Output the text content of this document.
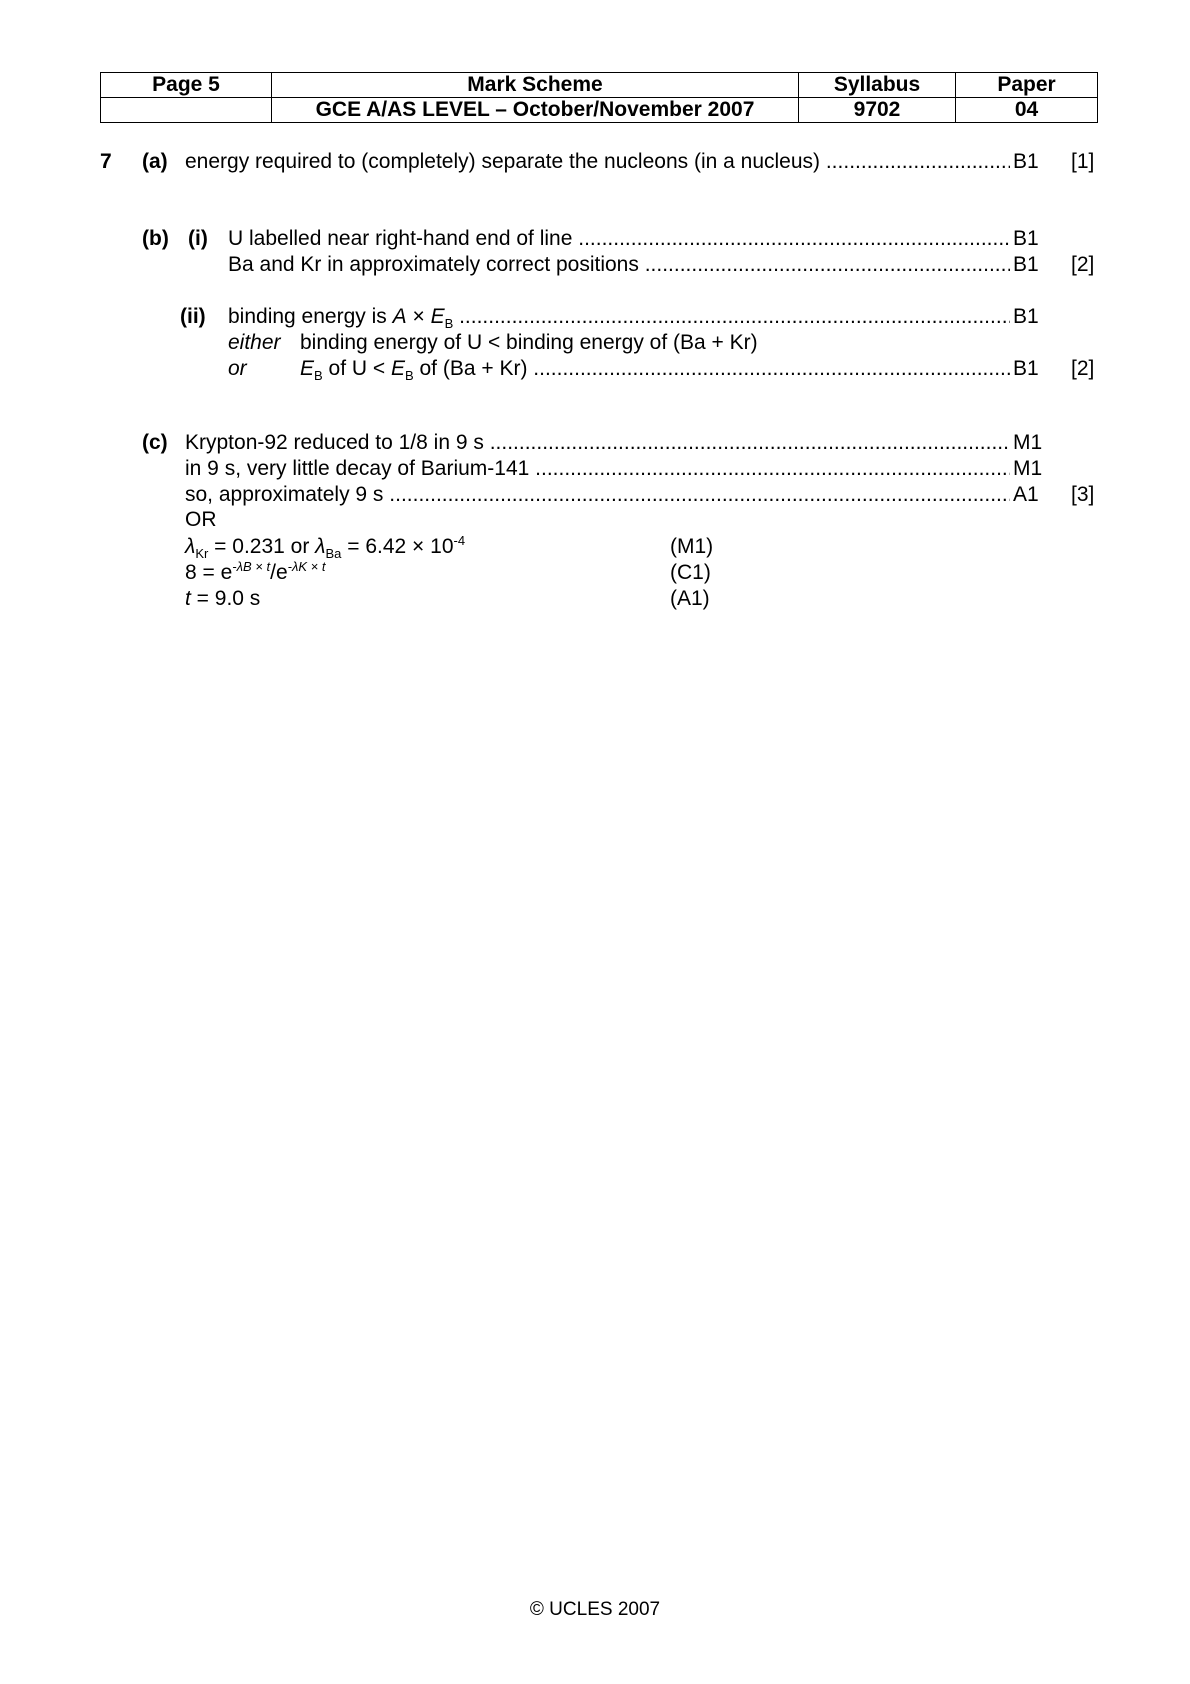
Page 5	Mark Scheme	Syllabus	Paper
	GCE A/AS LEVEL – October/November 2007	9702	04
7 (a) energy required to (completely) separate the nucleons (in a nucleus) .....	B1 [1]
(b) (i) U labelled near right-hand end of line .....	B1
Ba and Kr in approximately correct positions .....	B1 [2]
(ii) binding energy is $A \times E_B$ .....	B1
either binding energy of U < binding energy of (Ba + Kr)
or	$E_B$ of $U < E_B$ of (Ba + Kr) .....	B1 [2]
(c) Krypton-92 reduced to 1/8 in 9 s .....	M1
in 9 s, very little decay of Barium-141 .....	M1
so, approximately 9 s .....	A1 [3]
OR
$\lambda_{Kr} = 0.231$ or $\lambda_{Ba} = 6.42 \times 10^{-4}$	(M1)
$8 = e^{-\lambda B \times t}/e^{-\lambda K \times t}$	(C1)
t = 9.0 s	(A1)
© UCLES 2007
